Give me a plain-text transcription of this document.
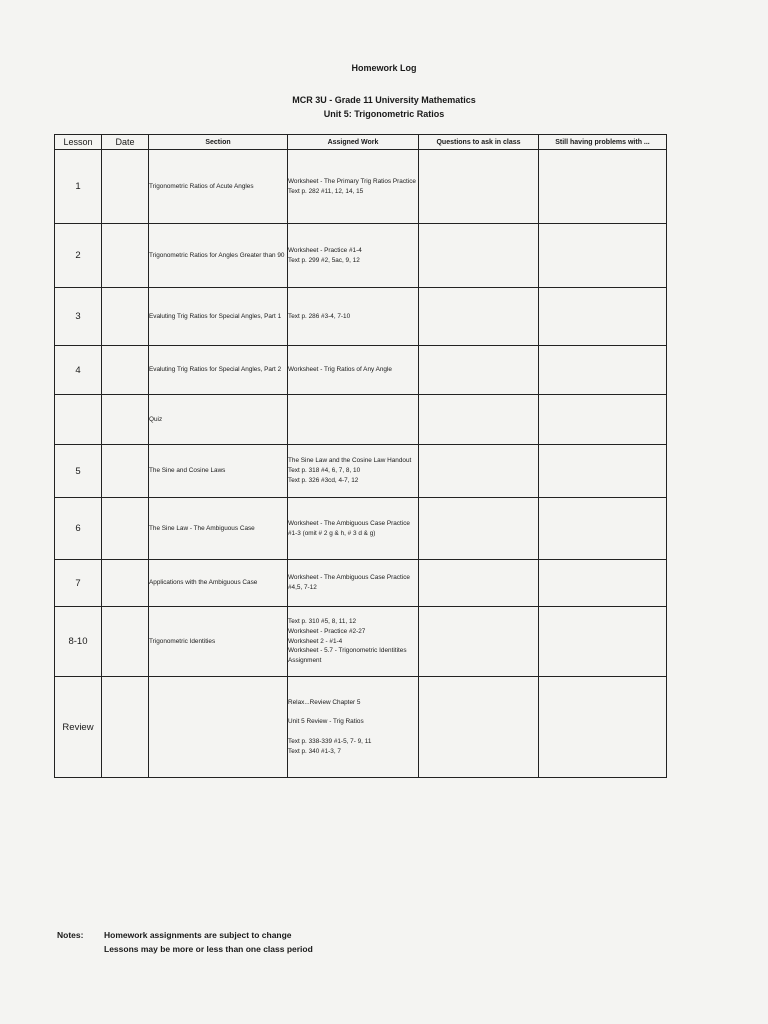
Homework Log
MCR 3U - Grade 11 University Mathematics
Unit 5: Trigonometric Ratios
Lesson	Date	Section	Assigned Work	Questions to ask in class	Still having problems with ...
1		Trigonometric Ratios of Acute Angles	Worksheet - The Primary Trig Ratios Practice
Text p. 282 #11, 12, 14, 15		

2		Trigonometric Ratios for Angles Greater than 90	Worksheet - Practice #1-4
Text p. 299 #2, 5ac, 9, 12		

3		Evaluting Trig Ratios for Special Angles, Part 1	Text p. 286 #3-4, 7-10		

4		Evaluting Trig Ratios for Special Angles, Part 2	Worksheet - Trig Ratios of Any Angle		

		Quiz			
5		The Sine and Cosine Laws	The Sine Law and the Cosine Law Handout
Text p. 318 #4, 6, 7, 8, 10
Text p. 326 #3cd, 4-7, 12		

6		The Sine Law - The Ambiguous Case	Worksheet - The Ambiguous Case Practice #1-3 (omit # 2 g & h, # 3 d & g)		

7		Applications with the Ambiguous Case	Worksheet - The Ambiguous Case Practice #4,5, 7-12		

8-10		Trigonometric Identities	Text p. 310 #5, 8, 11, 12
Worksheet - Practice #2-27
Worksheet 2 - #1-4
Worksheet - 5.7 - Trigonometric Identitites Assignment		

Review			Relax...Review Chapter 5
Unit 5 Review - Trig Ratios
Text p. 338-339 #1-5, 7- 9, 11
Text p. 340 #1-3, 7		

Notes:	Homework assignments are subject to change
Lessons may be more or less than one class period
